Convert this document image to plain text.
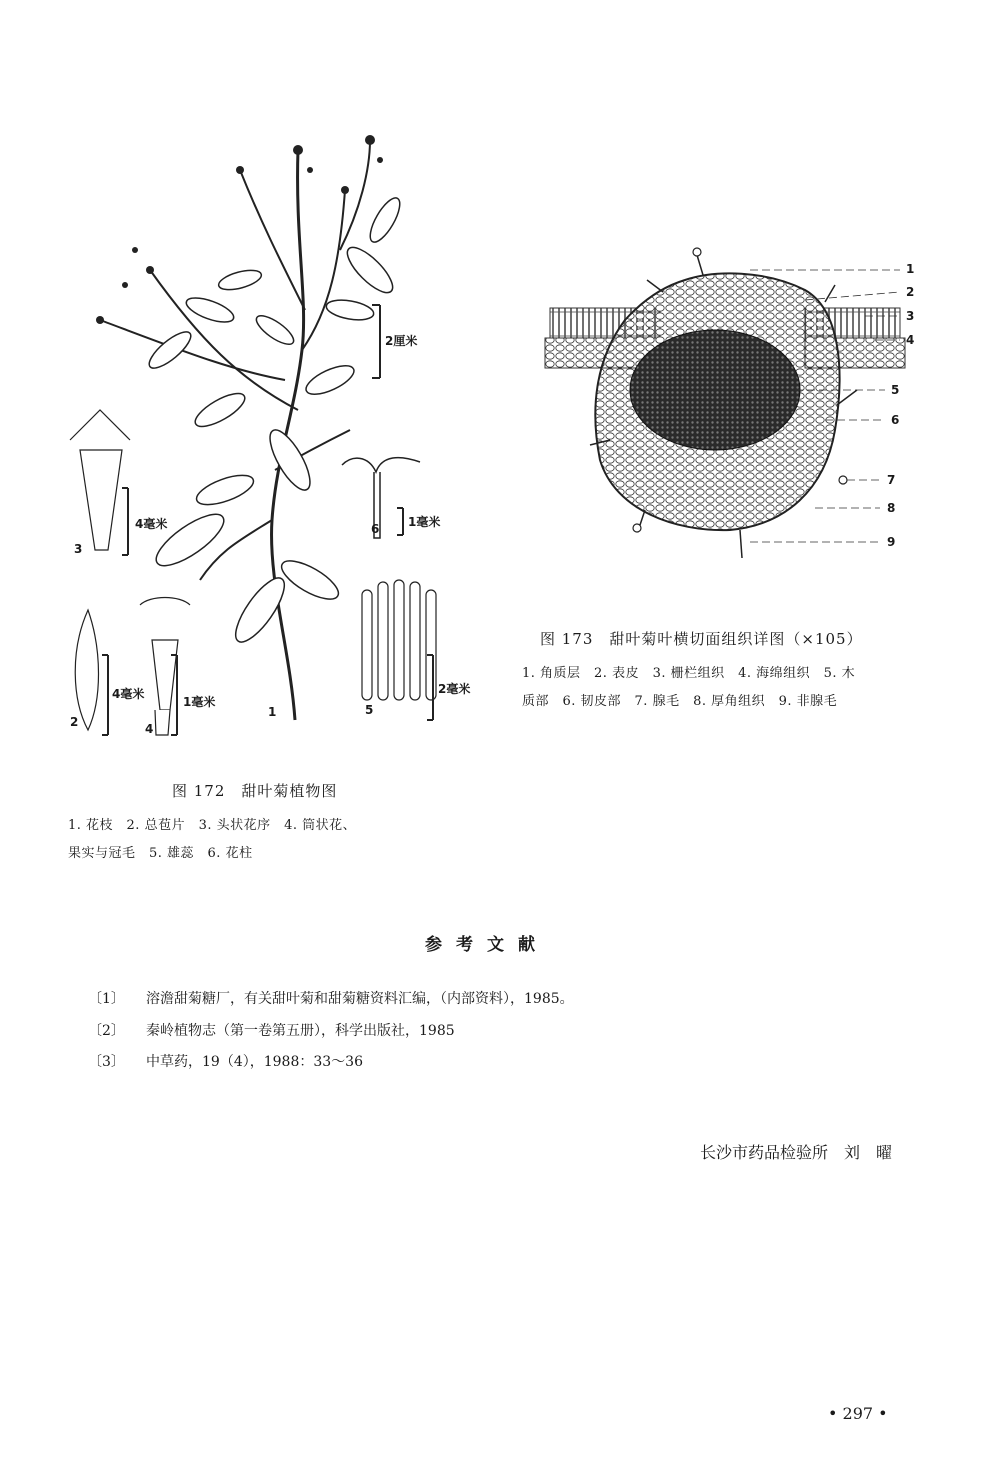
2厘米
4毫米
4毫米
1毫米
1毫米
2毫米
1
2
3
4
5
6
图 172　甜叶菊植物图
1. 花枝　2. 总苞片　3. 头状花序　4. 筒状花、
果实与冠毛　5. 雄蕊　6. 花柱
1
2
3
4
5
6
7
8
9
图 173　甜叶菊叶横切面组织详图（×105）
1. 角质层　2. 表皮　3. 栅栏组织　4. 海绵组织　5. 木
质部　6. 韧皮部　7. 腺毛　8. 厚角组织　9. 非腺毛
参考文献
〔1〕 溶澹甜菊糖厂，有关甜叶菊和甜菊糖资料汇编，（内部资料），1985。
〔2〕 秦岭植物志（第一卷第五册），科学出版社，1985
〔3〕 中草药，19（4），1988：33～36
长沙市药品检验所　刘　曜
• 297 •
